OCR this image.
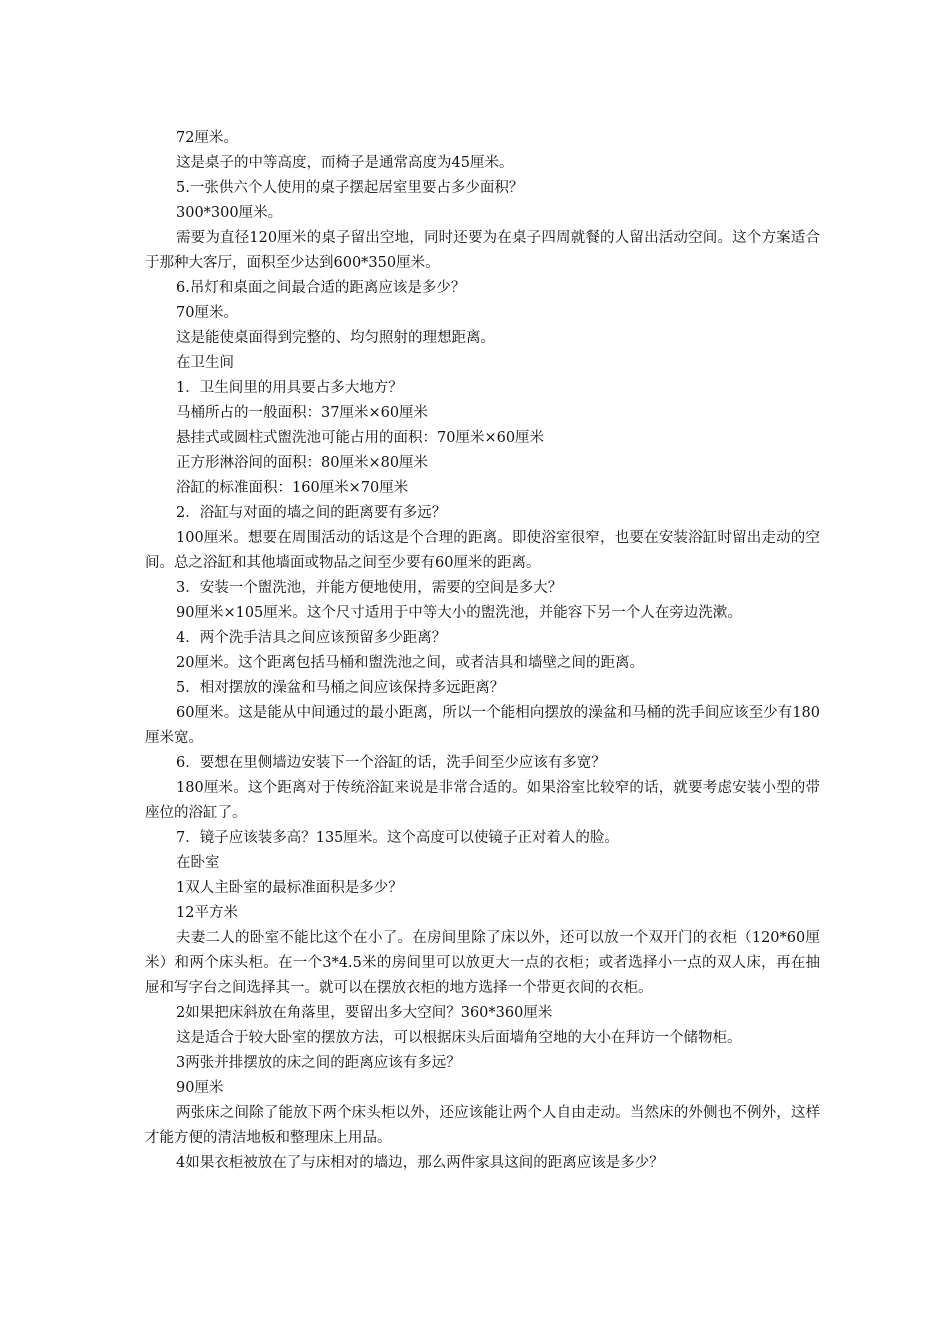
72厘米。

这是桌子的中等高度，而椅子是通常高度为45厘米。

5.一张供六个人使用的桌子摆起居室里要占多少面积？

300*300厘米。

需要为直径120厘米的桌子留出空地，同时还要为在桌子四周就餐的人留出活动空间。这个方案适合于那种大客厅，面积至少达到600*350厘米。

6.吊灯和桌面之间最合适的距离应该是多少？

70厘米。

这是能使桌面得到完整的、均匀照射的理想距离。

在卫生间

1．卫生间里的用具要占多大地方？

马桶所占的一般面积：37厘米×60厘米

悬挂式或圆柱式盥洗池可能占用的面积：70厘米×60厘米

正方形淋浴间的面积：80厘米×80厘米

浴缸的标准面积：160厘米×70厘米

2．浴缸与对面的墙之间的距离要有多远？

100厘米。想要在周围活动的话这是个合理的距离。即使浴室很窄，也要在安装浴缸时留出走动的空间。总之浴缸和其他墙面或物品之间至少要有60厘米的距离。

3．安装一个盥洗池，并能方便地使用，需要的空间是多大？

90厘米×105厘米。这个尺寸适用于中等大小的盥洗池，并能容下另一个人在旁边洗漱。

4．两个洗手洁具之间应该预留多少距离？

20厘米。这个距离包括马桶和盥洗池之间，或者洁具和墙壁之间的距离。

5．相对摆放的澡盆和马桶之间应该保持多远距离？

60厘米。这是能从中间通过的最小距离，所以一个能相向摆放的澡盆和马桶的洗手间应该至少有180厘米宽。

6．要想在里侧墙边安装下一个浴缸的话，洗手间至少应该有多宽？

180厘米。这个距离对于传统浴缸来说是非常合适的。如果浴室比较窄的话，就要考虑安装小型的带座位的浴缸了。

7．镜子应该装多高？135厘米。这个高度可以使镜子正对着人的脸。

在卧室

1双人主卧室的最标准面积是多少？

12平方米

夫妻二人的卧室不能比这个在小了。在房间里除了床以外，还可以放一个双开门的衣柜（120*60厘米）和两个床头柜。在一个3*4.5米的房间里可以放更大一点的衣柜；或者选择小一点的双人床，再在抽屉和写字台之间选择其一。就可以在摆放衣柜的地方选择一个带更衣间的衣柜。

2如果把床斜放在角落里，要留出多大空间？360*360厘米

这是适合于较大卧室的摆放方法，可以根据床头后面墙角空地的大小在拜访一个储物柜。

3两张并排摆放的床之间的距离应该有多远？

90厘米

两张床之间除了能放下两个床头柜以外，还应该能让两个人自由走动。当然床的外侧也不例外，这样才能方便的清洁地板和整理床上用品。

4如果衣柜被放在了与床相对的墙边，那么两件家具这间的距离应该是多少？
